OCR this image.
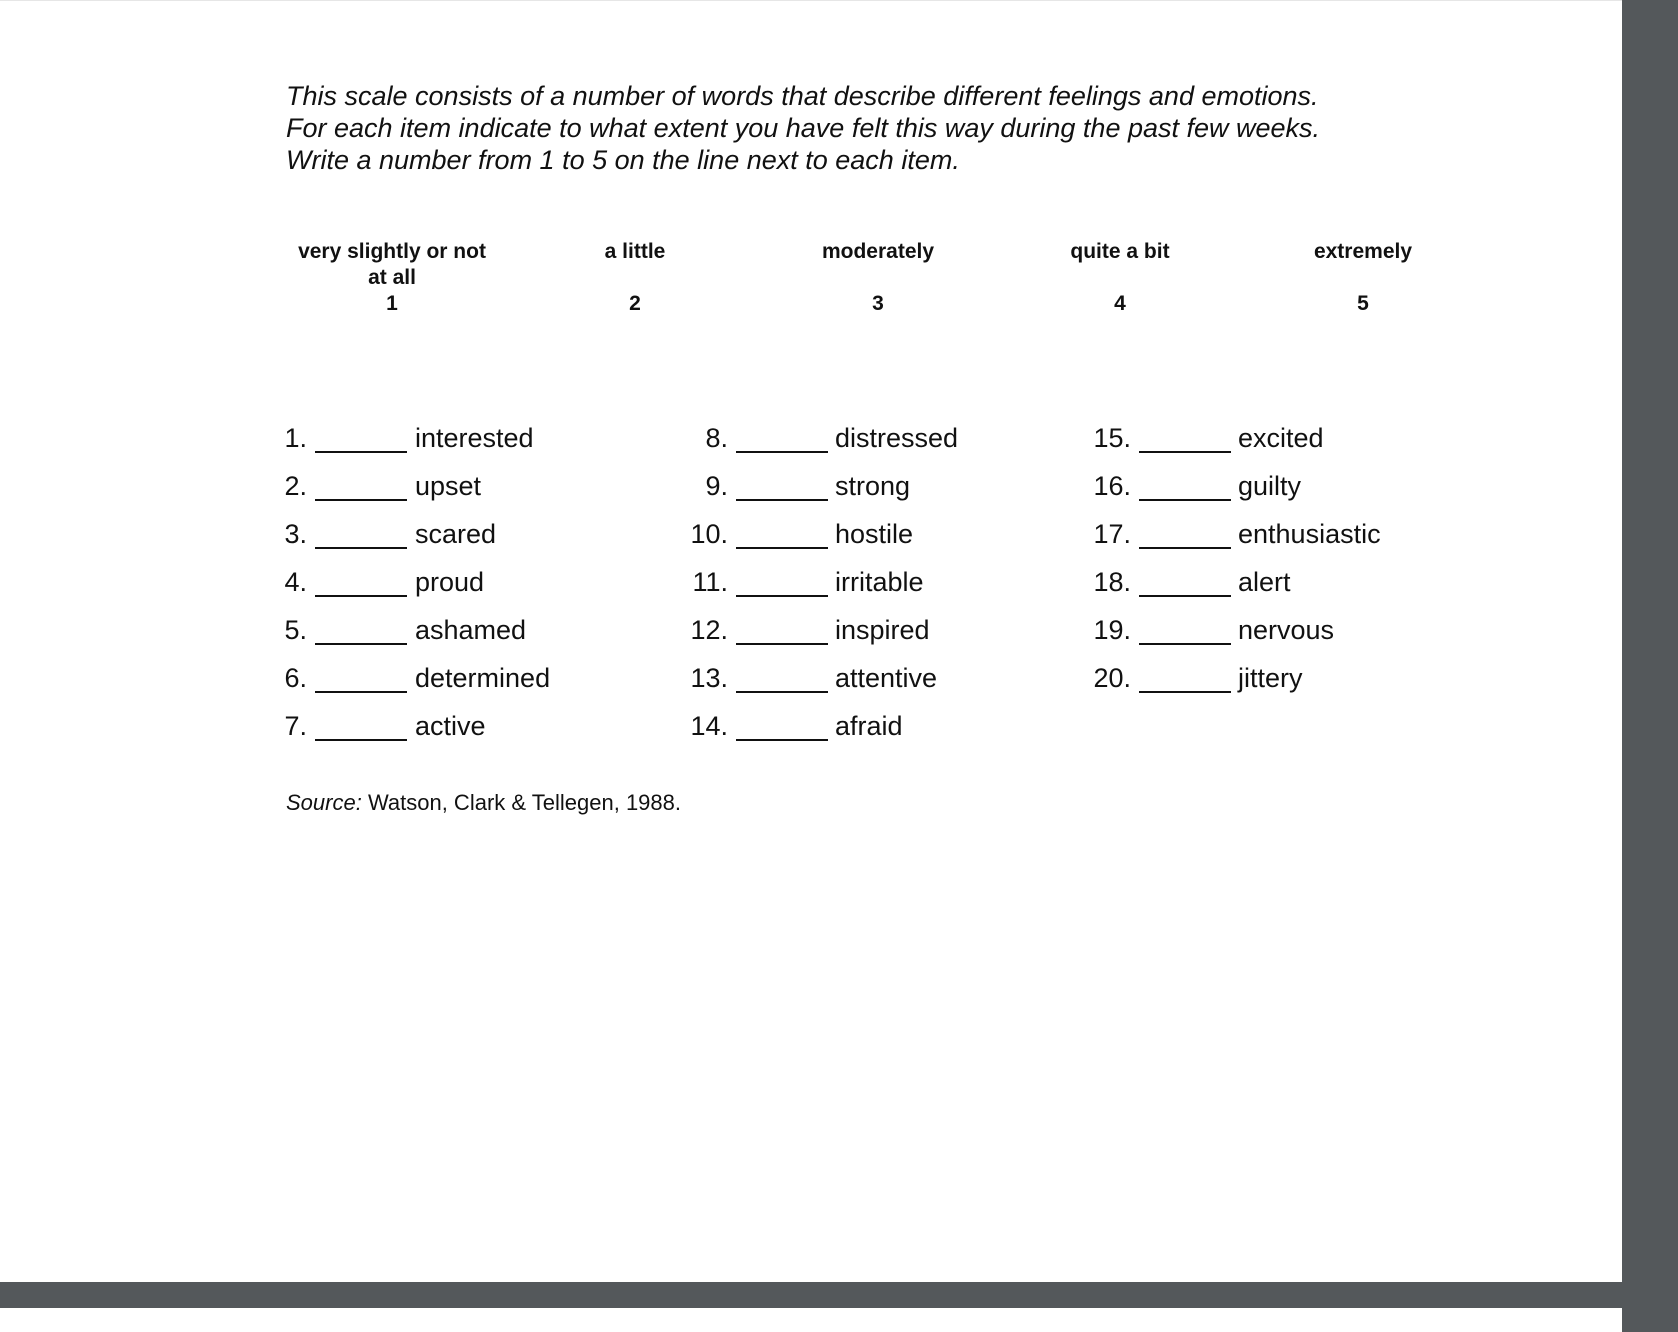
This scale consists of a number of words that describe different feelings and emotions.
For each item indicate to what extent you have felt this way during the past few weeks.
Write a number from 1 to 5 on the line next to each item.
very slightly or not
at all
1
a little
2
moderately
3
quite a bit
4
extremely
5
1.	interested
2.	upset
3.	scared
4.	proud
5.	ashamed
6.	determined
7.	active
8.	distressed
9.	strong
10.	hostile
11.	irritable
12.	inspired
13.	attentive
14.	afraid
15.	excited
16.	guilty
17.	enthusiastic
18.	alert
19.	nervous
20.	jittery
Source: Watson, Clark & Tellegen, 1988.
